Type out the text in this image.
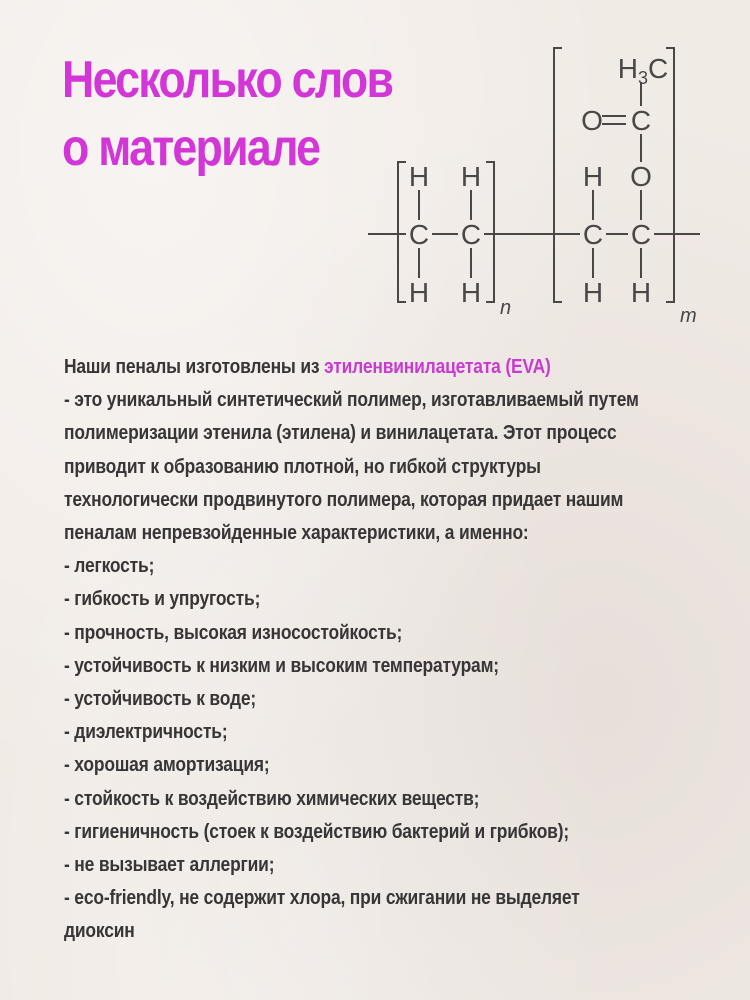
Несколько слов
о материале	H H
C C
H H
H O
C C
H H
O C
$H_3C$
n	m

Наши пеналы изготовлены из этиленвинилацетата (EVA)

- это уникальный синтетический полимер, изготавливаемый путем

полимеризации этенила (этилена) и винилацетата. Этот процесс

приводит к образованию плотной, но гибкой структуры

технологически продвинутого полимера, которая придает нашим

пеналам непревзойденные характеристики, а именно:

- легкость;

- гибкость и упругость;

- прочность, высокая износостойкость;

- устойчивость к низким и высоким температурам;

- устойчивость к воде;

- диэлектричность;

- хорошая амортизация;

- стойкость к воздействию химических веществ;

- гигиеничность (стоек к воздействию бактерий и грибков);

- не вызывает аллергии;

- eco-friendly, не содержит хлора, при сжигании не выделяет

диоксин
